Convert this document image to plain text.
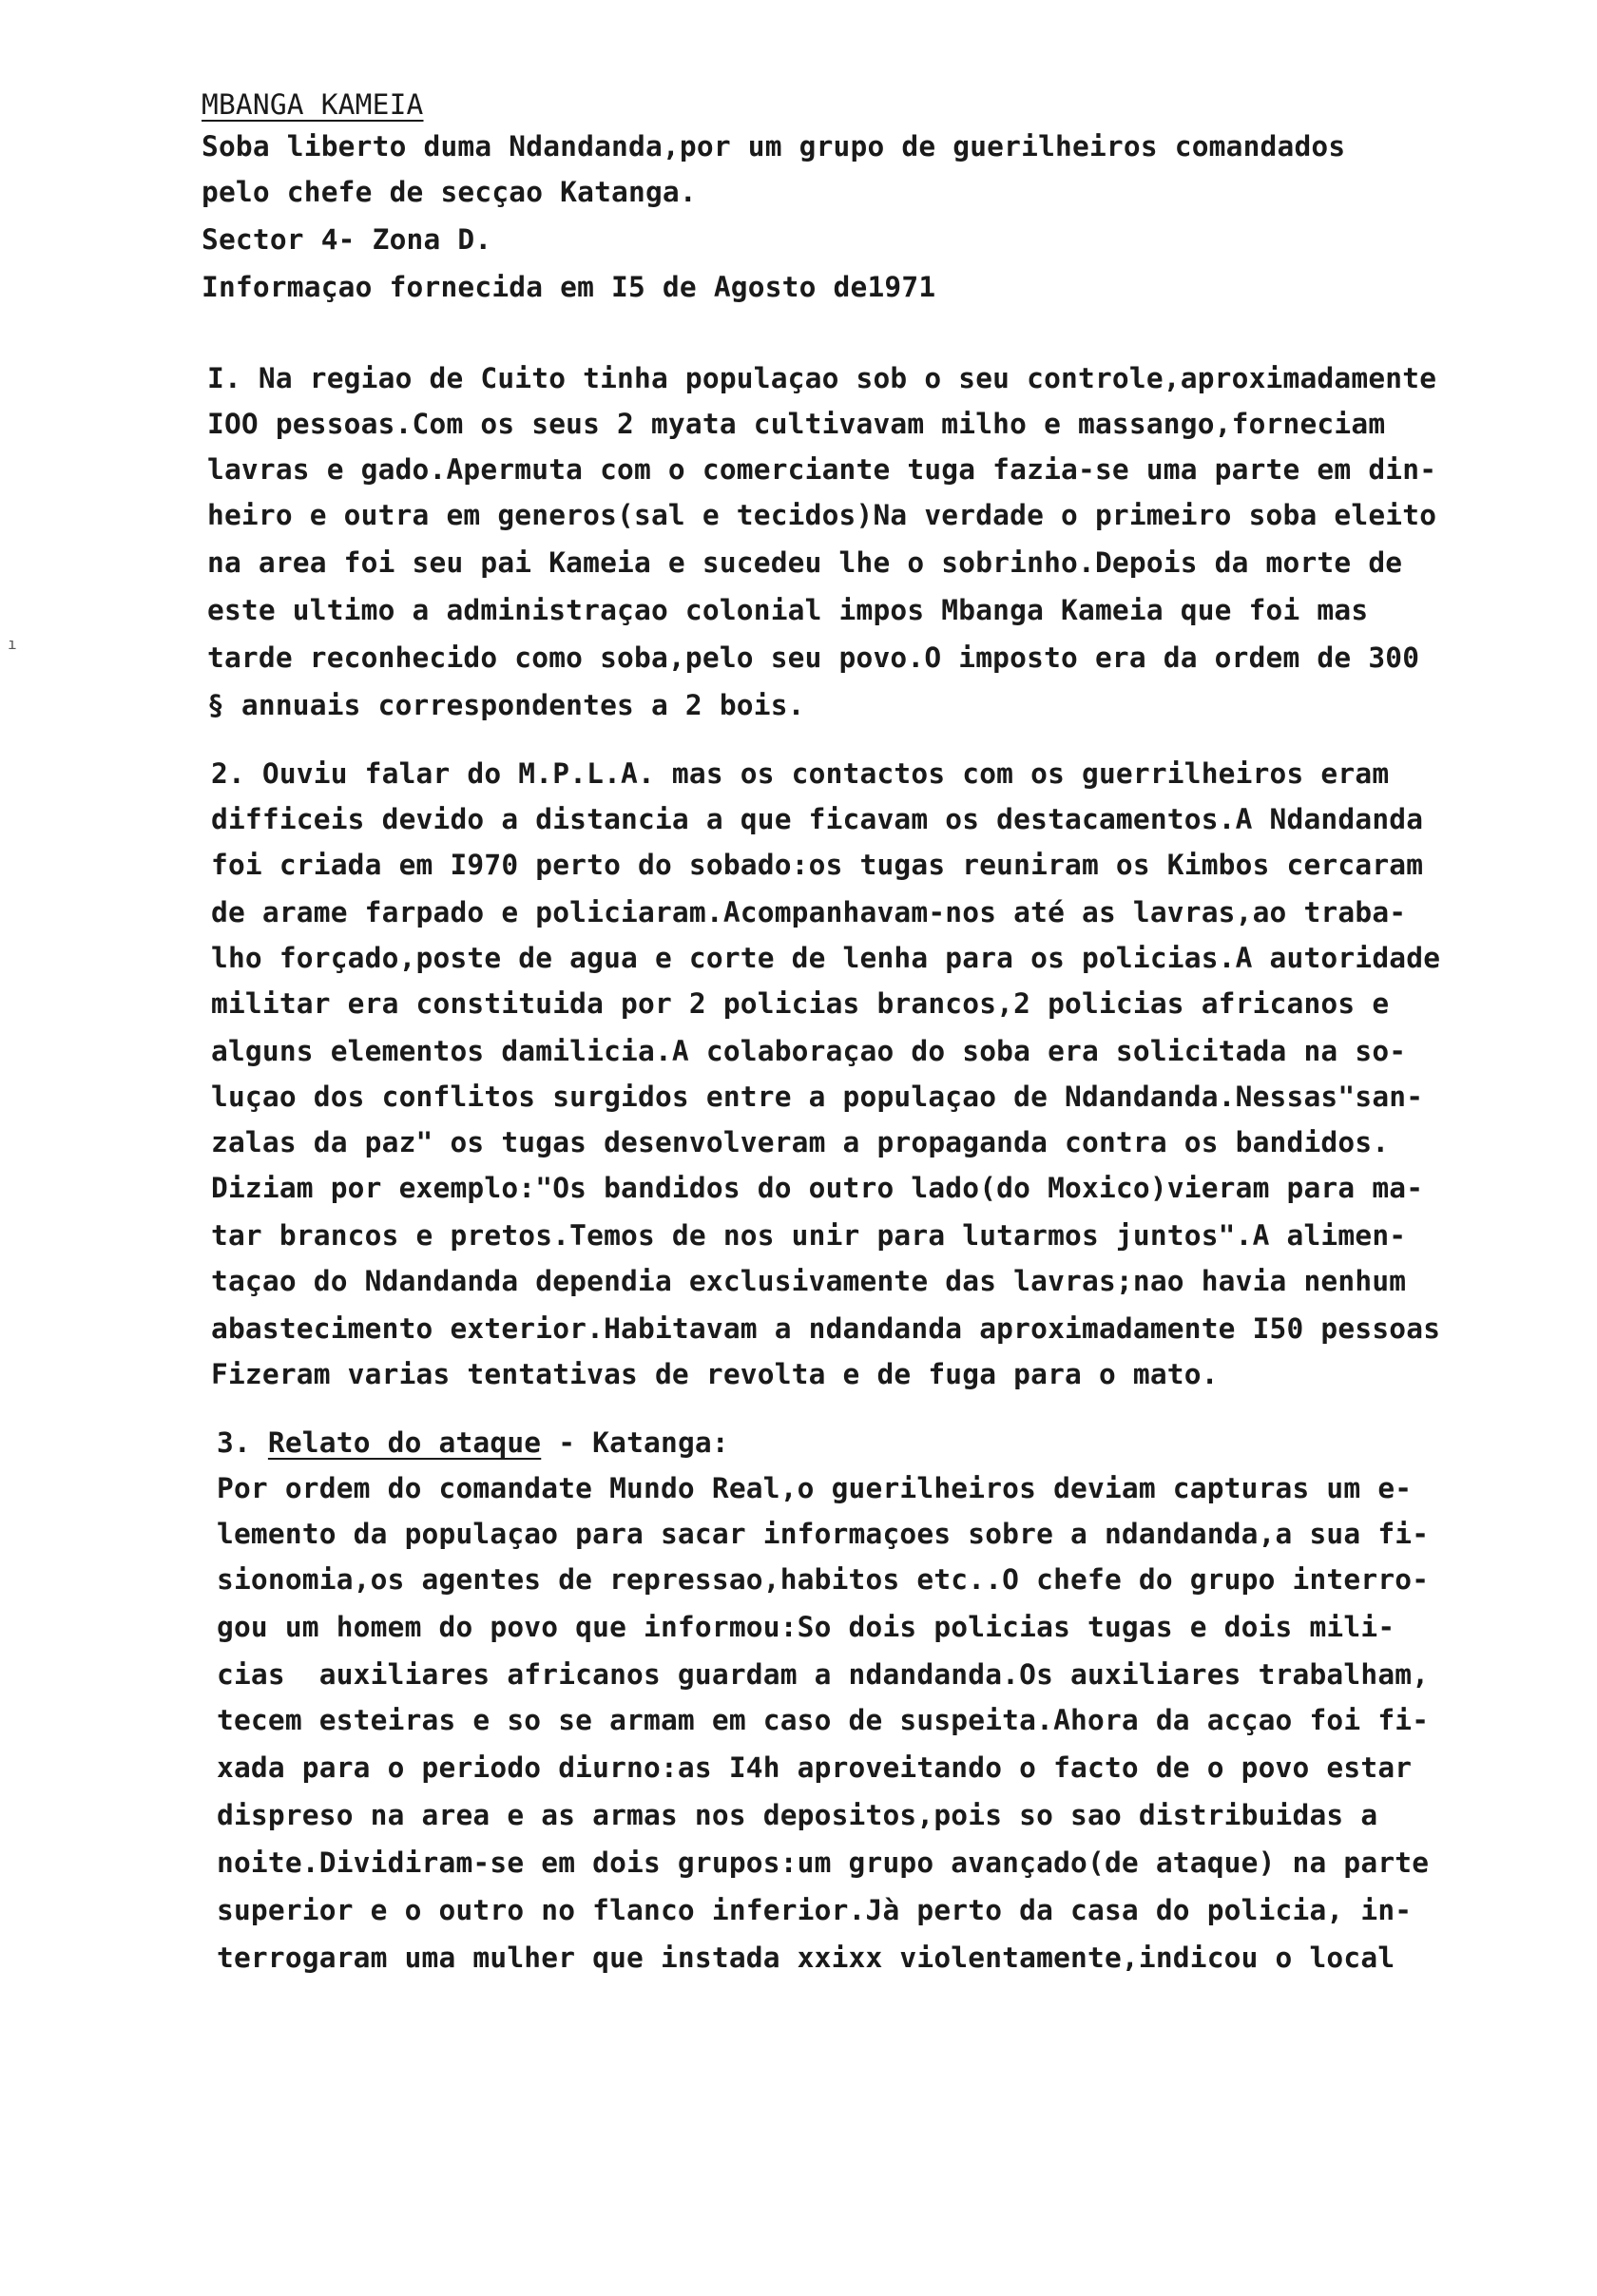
MBANGA KAMEIA
Soba liberto duma Ndandanda,por um grupo de guerilheiros comandados
pelo chefe de secçao Katanga.
Sector 4- Zona D.
Informaçao fornecida em I5 de Agosto de1971
I. Na regiao de Cuito tinha populaçao sob o seu controle,aproximadamente
IOO pessoas.Com os seus 2 myata cultivavam milho e massango,forneciam
lavras e gado.Apermuta com o comerciante tuga fazia-se uma parte em din-
heiro e outra em generos(sal e tecidos)Na verdade o primeiro soba eleito
na area foi seu pai Kameia e sucedeu lhe o sobrinho.Depois da morte de
este ultimo a administraçao colonial impos Mbanga Kameia que foi mas
tarde reconhecido como soba,pelo seu povo.O imposto era da ordem de 300
§ annuais correspondentes a 2 bois.
2. Ouviu falar do M.P.L.A. mas os contactos com os guerrilheiros eram
difficeis devido a distancia a que ficavam os destacamentos.A Ndandanda
foi criada em I970 perto do sobado:os tugas reuniram os Kimbos cercaram
de arame farpado e policiaram.Acompanhavam-nos até as lavras,ao traba-
lho forçado,poste de agua e corte de lenha para os policias.A autoridade
militar era constituida por 2 policias brancos,2 policias africanos e
alguns elementos damilicia.A colaboraçao do soba era solicitada na so-
luçao dos conflitos surgidos entre a populaçao de Ndandanda.Nessas"san-
zalas da paz" os tugas desenvolveram a propaganda contra os bandidos.
Diziam por exemplo:"Os bandidos do outro lado(do Moxico)vieram para ma-
tar brancos e pretos.Temos de nos unir para lutarmos juntos".A alimen-
taçao do Ndandanda dependia exclusivamente das lavras;nao havia nenhum
abastecimento exterior.Habitavam a ndandanda aproximadamente I50 pessoas
Fizeram varias tentativas de revolta e de fuga para o mato.
3. Relato do ataque - Katanga:
Por ordem do comandate Mundo Real,o guerilheiros deviam capturas um e-
lemento da populaçao para sacar informaçoes sobre a ndandanda,a sua fi-
sionomia,os agentes de repressao,habitos etc..O chefe do grupo interro-
gou um homem do povo que informou:So dois policias tugas e dois mili-
cias  auxiliares africanos guardam a ndandanda.Os auxiliares trabalham,
tecem esteiras e so se armam em caso de suspeita.Ahora da acçao foi fi-
xada para o periodo diurno:as I4h aproveitando o facto de o povo estar
dispreso na area e as armas nos depositos,pois so sao distribuidas a
noite.Dividiram-se em dois grupos:um grupo avançado(de ataque) na parte
superior e o outro no flanco inferior.Jà perto da casa do policia, in-
terrogaram uma mulher que instada xxixx violentamente,indicou o local
ı
